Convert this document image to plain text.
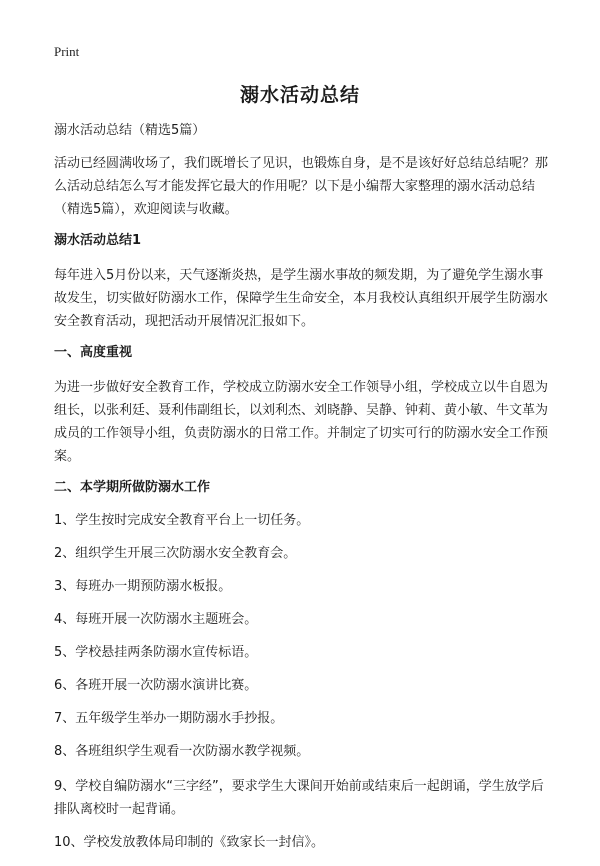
Print
溺水活动总结

溺水活动总结（精选5篇）

活动已经圆满收场了，我们既增长了见识，也锻炼自身，是不是该好好总结总结呢？那么活动总结怎么写才能发挥它最大的作用呢？以下是小编帮大家整理的溺水活动总结（精选5篇），欢迎阅读与收藏。

溺水活动总结1

每年进入5月份以来，天气逐渐炎热，是学生溺水事故的频发期，为了避免学生溺水事故发生，切实做好防溺水工作，保障学生生命安全，本月我校认真组织开展学生防溺水安全教育活动，现把活动开展情况汇报如下。

一、高度重视

为进一步做好安全教育工作，学校成立防溺水安全工作领导小组，学校成立以牛自恩为组长，以张利廷、聂利伟副组长，以刘利杰、刘晓静、吴静、钟莉、黄小敏、牛文革为成员的工作领导小组，负责防溺水的日常工作。并制定了切实可行的防溺水安全工作预案。

二、本学期所做防溺水工作

1、学生按时完成安全教育平台上一切任务。

2、组织学生开展三次防溺水安全教育会。

3、每班办一期预防溺水板报。

4、每班开展一次防溺水主题班会。

5、学校悬挂两条防溺水宣传标语。

6、各班开展一次防溺水演讲比赛。

7、五年级学生举办一期防溺水手抄报。

8、各班组织学生观看一次防溺水教学视频。

9、学校自编防溺水“三字经”，要求学生大课间开始前或结束后一起朗诵，学生放学后排队离校时一起背诵。

10、学校发放教体局印制的《致家长一封信》。
